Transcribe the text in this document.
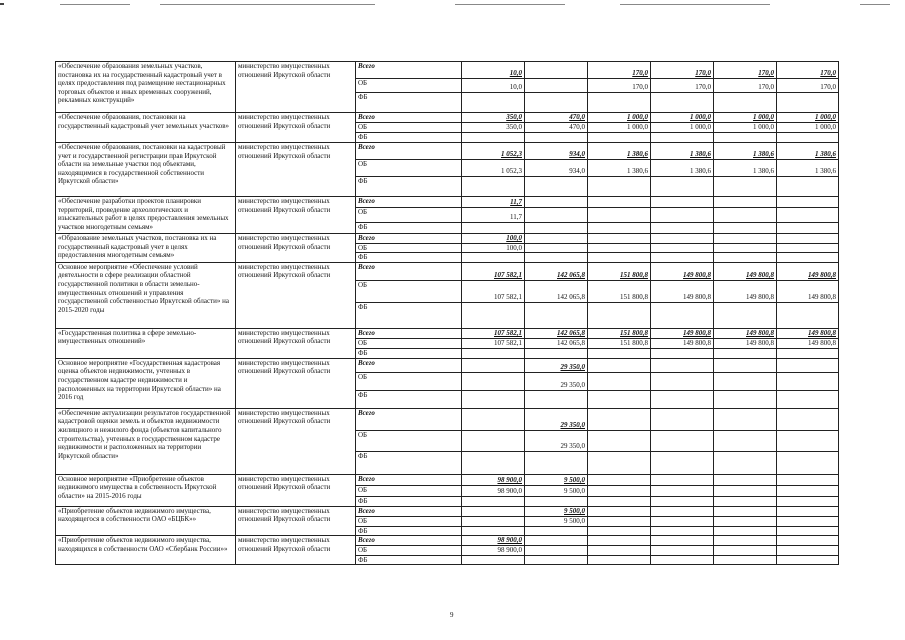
«Обеспечение образования земельных участков, постановка их на государственный кадастровый учет в целях предоставления под размещение нестационарных торговых объектов и иных временных сооружений, рекламных конструкций»	министерство имущественных отношений Иркутской области	Всего	10,0		170,0	170,0	170,0	170,0
		ОБ	10,0		170,0	170,0	170,0	170,0
		ФБ						
«Обеспечение образования, постановки на государственный кадастровый учет земельных участков»	министерство имущественных отношений Иркутской области	Всего	350,0	470,0	1 000,0	1 000,0	1 000,0	1 000,0
		ОБ	350,0	470,0	1 000,0	1 000,0	1 000,0	1 000,0
		ФБ						
«Обеспечение образования, постановки на кадастровый учет и государственной регистрации прав Иркутской области на земельные участки под объектами, находящимися в государственной собственности Иркутской области»	министерство имущественных отношений Иркутской области	Всего	1 052,3	934,0	1 380,6	1 380,6	1 380,6	1 380,6
		ОБ	1 052,3	934,0	1 380,6	1 380,6	1 380,6	1 380,6
		ФБ						
«Обеспечение разработки проектов планировки территорий, проведение археологических и изыскательных работ в целях предоставления земельных участков многодетным семьям»	министерство имущественных отношений Иркутской области	Всего	11,7					
		ОБ	11,7					
		ФБ						
«Образование земельных участков, постановка их на государственный кадастровый учет в целях предоставления многодетным семьям»	министерство имущественных отношений Иркутской области	Всего	100,0					
		ОБ	100,0					
		ФБ						
Основное мероприятие «Обеспечение условий деятельности в сфере реализации областной государственной политики в области земельно-имущественных отношений и управления государственной собственностью Иркутской области» на 2015-2020 годы	министерство имущественных отношений Иркутской области	Всего	107 582,1	142 065,8	151 800,8	149 800,8	149 800,8	149 800,8
		ОБ	107 582,1	142 065,8	151 800,8	149 800,8	149 800,8	149 800,8
		ФБ						
«Государственная политика в сфере земельно-имущественных отношений»	министерство имущественных отношений Иркутской области	Всего	107 582,1	142 065,8	151 800,8	149 800,8	149 800,8	149 800,8
		ОБ	107 582,1	142 065,8	151 800,8	149 800,8	149 800,8	149 800,8
		ФБ						
Основное мероприятие «Государственная кадастровая оценка объектов недвижимости, учтенных в государственном кадастре недвижимости и расположенных на территории Иркутской области» на 2016 год	министерство имущественных отношений Иркутской области	Всего		29 350,0				
		ОБ		29 350,0				
		ФБ						
«Обеспечение актуализации результатов государственной кадастровой оценки земель и объектов недвижимости жилищного и нежилого фонда (объектов капитального строительства), учтенных в государственном кадастре недвижимости и расположенных на территории Иркутской области»	министерство имущественных отношений Иркутской области	Всего		29 350,0				
		ОБ		29 350,0				
		ФБ						
Основное мероприятие «Приобретение объектов недвижимого имущества в собственность Иркутской области» на 2015-2016 годы	министерство имущественных отношений Иркутской области	Всего	98 900,0	9 500,0				
		ОБ	98 900,0	9 500,0				
		ФБ						
«Приобретение объектов недвижимого имущества, находящегося в собственности ОАО «БЦБК»»	министерство имущественных отношений Иркутской области	Всего		9 500,0				
		ОБ		9 500,0				
		ФБ						
«Приобретение объектов недвижимого имущества, находящихся в собственности ОАО «Сбербанк России»»	министерство имущественных отношений Иркутской области	Всего	98 900,0					
		ОБ	98 900,0					
		ФБ						
9
